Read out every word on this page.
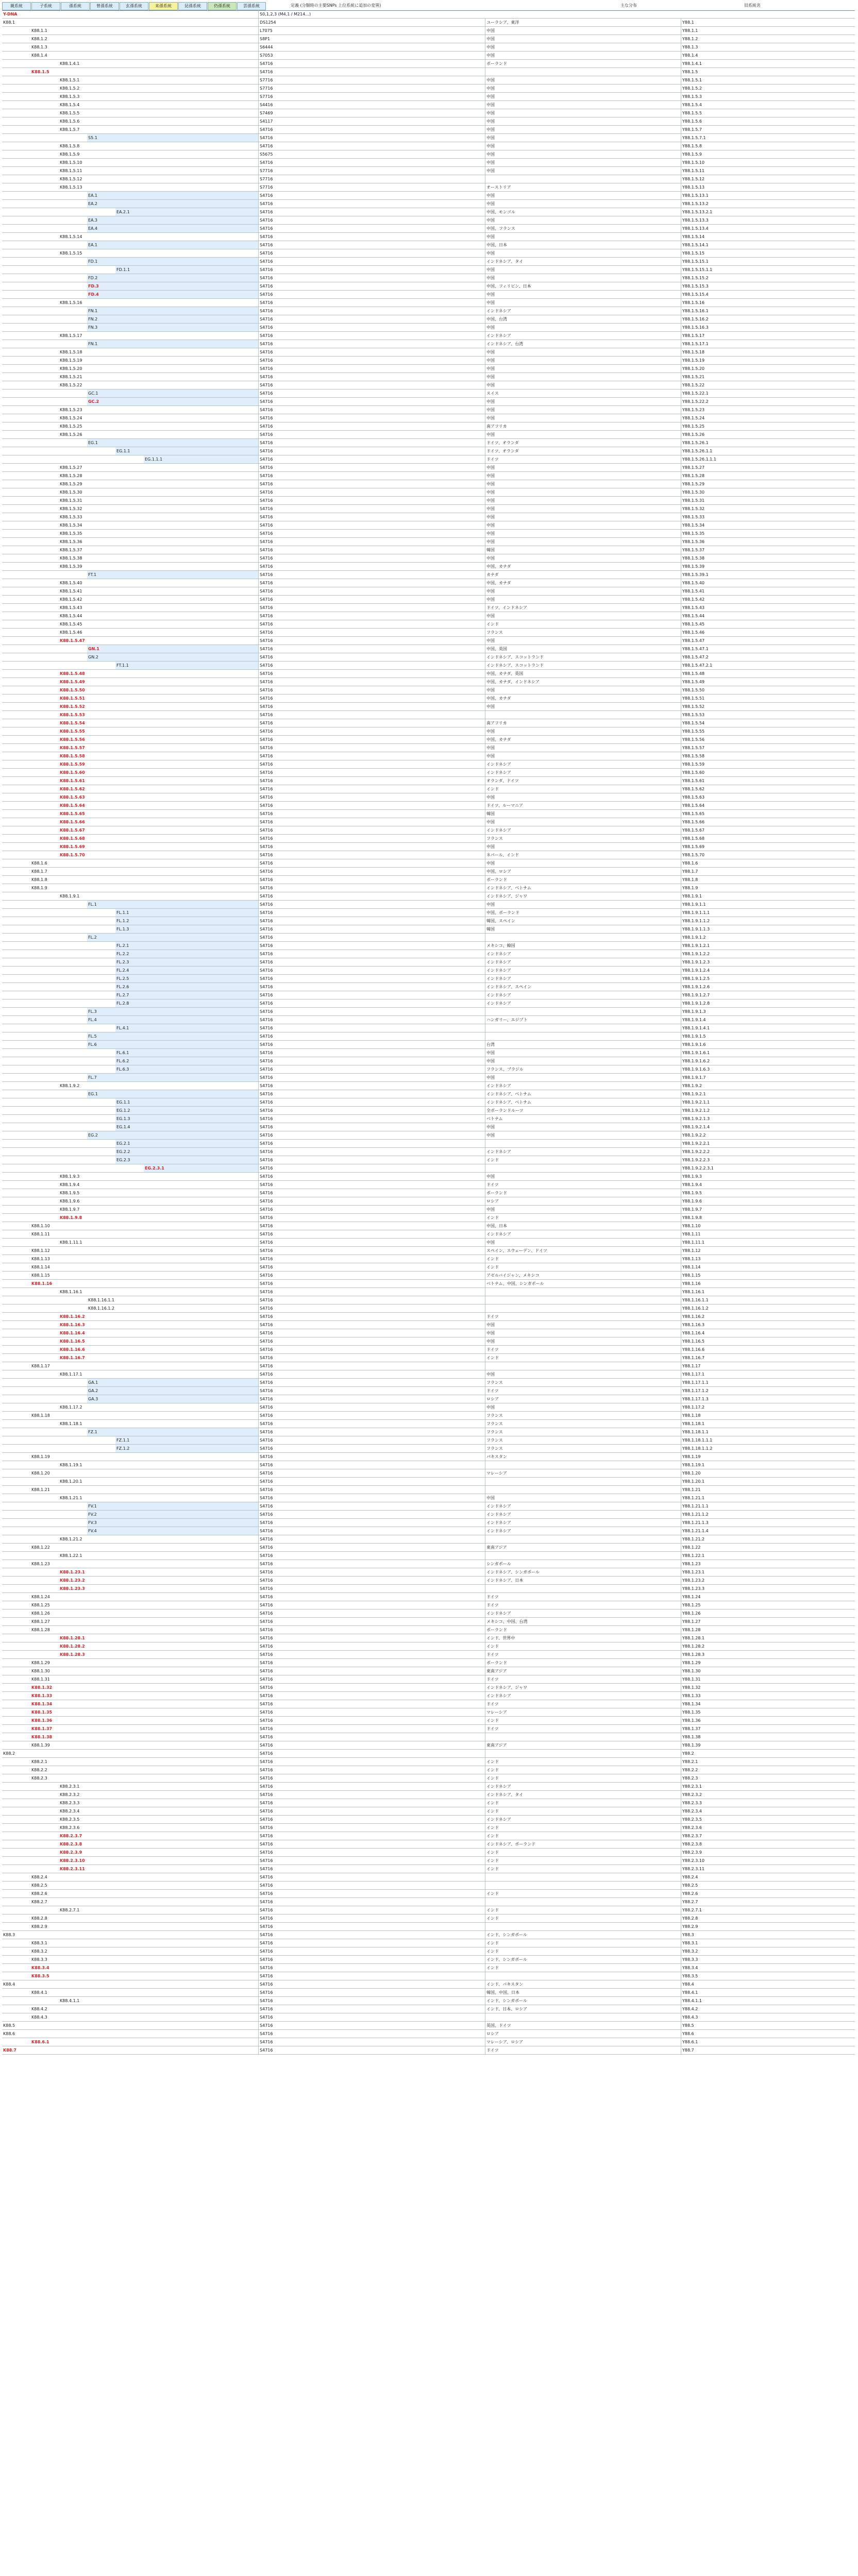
親系統	子系統	孫系統	曾孫系統	玄孫系統	来孫系統	昆孫系統	仍孫系統	雲孫系統	定義 (分類時の主要SNPs 上位系統に追加の変異)	主な分布	旧系統名
Y-DNA	S0,1,2,3 (M4,1 / M214...)
K88.1	DS1254	ユーラシア、東洋	Y88.1
K88.1.1	L7075	中国	Y88.1.1
K88.1.2	S8P1	中国	Y88.1.2
K88.1.3	S6444	中国	Y88.1.3
K88.1.4	S7053	中国	Y88.1.4
K88.1.4.1	S4716	ポーランド	Y88.1.4.1
K88.1.5	S4716	Y88.1.5
K88.1.5.1	S7716	中国	Y88.1.5.1
K88.1.5.2	S7716	中国	Y88.1.5.2
K88.1.5.3	S7716	中国	Y88.1.5.3
K88.1.5.4	S4416	中国	Y88.1.5.4
K88.1.5.5	S7469	中国	Y88.1.5.5
K88.1.5.6	S4117	中国	Y88.1.5.6
K88.1.5.7	S4716	中国	Y88.1.5.7
S5.1	S4716	中国	Y88.1.5.7.1
K88.1.5.8	S4716	中国	Y88.1.5.8
K88.1.5.9	S5675	中国	Y88.1.5.9
K88.1.5.10	S4716	中国	Y88.1.5.10
K88.1.5.11	S7716	中国	Y88.1.5.11
K88.1.5.12	S7716	Y88.1.5.12
K88.1.5.13	S7716	オーストリア	Y88.1.5.13
EA.1	S4716	中国	Y88.1.5.13.1
EA.2	S4716	中国	Y88.1.5.13.2
EA.2.1	S4716	中国、モンゴル	Y88.1.5.13.2.1
EA.3	S4716	中国	Y88.1.5.13.3
EA.4	S4716	中国、フランス	Y88.1.5.13.4
K88.1.5.14	S4716	中国	Y88.1.5.14
EA.1	S4716	中国、日本	Y88.1.5.14.1
K88.1.5.15	S4716	中国	Y88.1.5.15
FD.1	S4716	インドネシア、タイ	Y88.1.5.15.1
FD.1.1	S4716	中国	Y88.1.5.15.1.1
FD.2	S4716	中国	Y88.1.5.15.2
FD.3	S4716	中国、フィリピン、日本	Y88.1.5.15.3
FD.4	S4716	中国	Y88.1.5.15.4
K88.1.5.16	S4716	中国	Y88.1.5.16
FN.1	S4716	インドネシア	Y88.1.5.16.1
FN.2	S4716	中国、台湾	Y88.1.5.16.2
FN.3	S4716	中国	Y88.1.5.16.3
K88.1.5.17	S4716	インドネシア	Y88.1.5.17
FN.1	S4716	インドネシア、台湾	Y88.1.5.17.1
K88.1.5.18	S4716	中国	Y88.1.5.18
K88.1.5.19	S4716	中国	Y88.1.5.19
K88.1.5.20	S4716	中国	Y88.1.5.20
K88.1.5.21	S4716	中国	Y88.1.5.21
K88.1.5.22	S4716	中国	Y88.1.5.22
GC.1	S4716	スイス	Y88.1.5.22.1
GC.2	S4716	中国	Y88.1.5.22.2
K88.1.5.23	S4716	中国	Y88.1.5.23
K88.1.5.24	S4716	中国	Y88.1.5.24
K88.1.5.25	S4716	南アフリカ	Y88.1.5.25
K88.1.5.26	S4716	中国	Y88.1.5.26
EG.1	S4716	ドイツ、オランダ	Y88.1.5.26.1
EG.1.1	S4716	ドイツ、オランダ	Y88.1.5.26.1.1
EG.1.1.1	S4716	ドイツ	Y88.1.5.26.1.1.1
K88.1.5.27	S4716	中国	Y88.1.5.27
K88.1.5.28	S4716	中国	Y88.1.5.28
K88.1.5.29	S4716	中国	Y88.1.5.29
K88.1.5.30	S4716	中国	Y88.1.5.30
K88.1.5.31	S4716	中国	Y88.1.5.31
K88.1.5.32	S4716	中国	Y88.1.5.32
K88.1.5.33	S4716	中国	Y88.1.5.33
K88.1.5.34	S4716	中国	Y88.1.5.34
K88.1.5.35	S4716	中国	Y88.1.5.35
K88.1.5.36	S4716	中国	Y88.1.5.36
K88.1.5.37	S4716	韓国	Y88.1.5.37
K88.1.5.38	S4716	中国	Y88.1.5.38
K88.1.5.39	S4716	中国、カナダ	Y88.1.5.39
FT.1	S4716	カナダ	Y88.1.5.39.1
K88.1.5.40	S4716	中国、カナダ	Y88.1.5.40
K88.1.5.41	S4716	中国	Y88.1.5.41
K88.1.5.42	S4716	中国	Y88.1.5.42
K88.1.5.43	S4716	ドイツ、インドネシア	Y88.1.5.43
K88.1.5.44	S4716	中国	Y88.1.5.44
K88.1.5.45	S4716	インド	Y88.1.5.45
K88.1.5.46	S4716	フランス	Y88.1.5.46
K88.1.5.47	S4716	中国	Y88.1.5.47
GN.1	S4716	中国、英国	Y88.1.5.47.1
GN.2	S4716	インドネシア、スコットランド	Y88.1.5.47.2
FT.1.1	S4716	インドネシア、スコットランド	Y88.1.5.47.2.1
K88.1.5.48	S4716	中国、カナダ、英国	Y88.1.5.48
K88.1.5.49	S4716	中国、カナダ、インドネシア	Y88.1.5.49
K88.1.5.50	S4716	中国	Y88.1.5.50
K88.1.5.51	S4716	中国、カナダ	Y88.1.5.51
K88.1.5.52	S4716	中国	Y88.1.5.52
K88.1.5.53	S4716	Y88.1.5.53
K88.1.5.54	S4716	南アフリカ	Y88.1.5.54
K88.1.5.55	S4716	中国	Y88.1.5.55
K88.1.5.56	S4716	中国、カナダ	Y88.1.5.56
K88.1.5.57	S4716	中国	Y88.1.5.57
K88.1.5.58	S4716	中国	Y88.1.5.58
K88.1.5.59	S4716	インドネシア	Y88.1.5.59
K88.1.5.60	S4716	インドネシア	Y88.1.5.60
K88.1.5.61	S4716	オランダ、ドイツ	Y88.1.5.61
K88.1.5.62	S4716	インド	Y88.1.5.62
K88.1.5.63	S4716	中国	Y88.1.5.63
K88.1.5.64	S4716	ドイツ、ルーマニア	Y88.1.5.64
K88.1.5.65	S4716	韓国	Y88.1.5.65
K88.1.5.66	S4716	中国	Y88.1.5.66
K88.1.5.67	S4716	インドネシア	Y88.1.5.67
K88.1.5.68	S4716	フランス	Y88.1.5.68
K88.1.5.69	S4716	中国	Y88.1.5.69
K88.1.5.70	S4716	ネパール、インド	Y88.1.5.70
K88.1.6	S4716	中国	Y88.1.6
K88.1.7	S4716	中国、ロシア	Y88.1.7
K88.1.8	S4716	ポーランド	Y88.1.8
K88.1.9	S4716	インドネシア、ベトナム	Y88.1.9
K88.1.9.1	S4716	インドネシア、ジャワ	Y88.1.9.1
FL.1	S4716	中国	Y88.1.9.1.1
FL.1.1	S4716	中国、ポーランド	Y88.1.9.1.1.1
FL.1.2	S4716	韓国、スペイン	Y88.1.9.1.1.2
FL.1.3	S4716	韓国	Y88.1.9.1.1.3
FL.2	S4716	Y88.1.9.1.2
FL.2.1	S4716	メキシコ、韓国	Y88.1.9.1.2.1
FL.2.2	S4716	インドネシア	Y88.1.9.1.2.2
FL.2.3	S4716	インドネシア	Y88.1.9.1.2.3
FL.2.4	S4716	インドネシア	Y88.1.9.1.2.4
FL.2.5	S4716	インドネシア	Y88.1.9.1.2.5
FL.2.6	S4716	インドネシア、スペイン	Y88.1.9.1.2.6
FL.2.7	S4716	インドネシア	Y88.1.9.1.2.7
FL.2.8	S4716	インドネシア	Y88.1.9.1.2.8
FL.3	S4716	Y88.1.9.1.3
FL.4	S4716	ハンガリー、エジプト	Y88.1.9.1.4
FL.4.1	S4716	Y88.1.9.1.4.1
FL.5	S4716	Y88.1.9.1.5
FL.6	S4716	台湾	Y88.1.9.1.6
FL.6.1	S4716	中国	Y88.1.9.1.6.1
FL.6.2	S4716	中国	Y88.1.9.1.6.2
FL.6.3	S4716	フランス、ブラジル	Y88.1.9.1.6.3
FL.7	S4716	中国	Y88.1.9.1.7
K88.1.9.2	S4716	インドネシア	Y88.1.9.2
EG.1	S4716	インドネシア、ベトナム	Y88.1.9.2.1
EG.1.1	S4716	インドネシア、ベトナム	Y88.1.9.2.1.1
EG.1.2	S4716	全ポーランドルーツ	Y88.1.9.2.1.2
EG.1.3	S4716	ベトナム	Y88.1.9.2.1.3
EG.1.4	S4716	中国	Y88.1.9.2.1.4
EG.2	S4716	中国	Y88.1.9.2.2
EG.2.1	S4716	Y88.1.9.2.2.1
EG.2.2	S4716	インドネシア	Y88.1.9.2.2.2
EG.2.3	S4716	インド	Y88.1.9.2.2.3
EG.2.3.1	S4716	Y88.1.9.2.2.3.1
K88.1.9.3	S4716	中国	Y88.1.9.3
K88.1.9.4	S4716	ドイツ	Y88.1.9.4
K88.1.9.5	S4716	ポーランド	Y88.1.9.5
K88.1.9.6	S4716	ロシア	Y88.1.9.6
K88.1.9.7	S4716	中国	Y88.1.9.7
K88.1.9.8	S4716	インド	Y88.1.9.8
K88.1.10	S4716	中国、日本	Y88.1.10
K88.1.11	S4716	インドネシア	Y88.1.11
K88.1.11.1	S4716	中国	Y88.1.11.1
K88.1.12	S4716	スペイン、スウェーデン、ドイツ	Y88.1.12
K88.1.13	S4716	インド	Y88.1.13
K88.1.14	S4716	インド	Y88.1.14
K88.1.15	S4716	アゼルバイジャン、メキシコ	Y88.1.15
K88.1.16	S4716	ベトナム、中国、シンガポール	Y88.1.16
K88.1.16.1	S4716	Y88.1.16.1
K88.1.16.1.1	S4716	Y88.1.16.1.1
K88.1.16.1.2	S4716	Y88.1.16.1.2
K88.1.16.2	S4716	ドイツ	Y88.1.16.2
K88.1.16.3	S4716	中国	Y88.1.16.3
K88.1.16.4	S4716	中国	Y88.1.16.4
K88.1.16.5	S4716	中国	Y88.1.16.5
K88.1.16.6	S4716	ドイツ	Y88.1.16.6
K88.1.16.7	S4716	インド	Y88.1.16.7
K88.1.17	S4716	Y88.1.17
K88.1.17.1	S4716	中国	Y88.1.17.1
GA.1	S4716	フランス	Y88.1.17.1.1
GA.2	S4716	ドイツ	Y88.1.17.1.2
GA.3	S4716	ロシア	Y88.1.17.1.3
K88.1.17.2	S4716	中国	Y88.1.17.2
K88.1.18	S4716	フランス	Y88.1.18
K88.1.18.1	S4716	フランス	Y88.1.18.1
FZ.1	S4716	フランス	Y88.1.18.1.1
FZ.1.1	S4716	フランス	Y88.1.18.1.1.1
FZ.1.2	S4716	フランス	Y88.1.18.1.1.2
K88.1.19	S4716	パキスタン	Y88.1.19
K88.1.19.1	S4716	Y88.1.19.1
K88.1.20	S4716	マレーシア	Y88.1.20
K88.1.20.1	S4716	Y88.1.20.1
K88.1.21	S4716	Y88.1.21
K88.1.21.1	S4716	中国	Y88.1.21.1
FV.1	S4716	インドネシア	Y88.1.21.1.1
FV.2	S4716	インドネシア	Y88.1.21.1.2
FV.3	S4716	インドネシア	Y88.1.21.1.3
FV.4	S4716	インドネシア	Y88.1.21.1.4
K88.1.21.2	S4716	Y88.1.21.2
K88.1.22	S4716	東南アジア	Y88.1.22
K88.1.22.1	S4716	Y88.1.22.1
K88.1.23	S4716	シンガポール	Y88.1.23
K88.1.23.1	S4716	インドネシア、シンガポール	Y88.1.23.1
K88.1.23.2	S4716	インドネシア、日本	Y88.1.23.2
K88.1.23.3	S4716	Y88.1.23.3
K88.1.24	S4716	ドイツ	Y88.1.24
K88.1.25	S4716	ドイツ	Y88.1.25
K88.1.26	S4716	インドネシア	Y88.1.26
K88.1.27	S4716	メキシコ、中国、台湾	Y88.1.27
K88.1.28	S4716	ポーランド	Y88.1.28
K88.1.28.1	S4716	インド、世界中	Y88.1.28.1
K88.1.28.2	S4716	インド	Y88.1.28.2
K88.1.28.3	S4716	ドイツ	Y88.1.28.3
K88.1.29	S4716	ポーランド	Y88.1.29
K88.1.30	S4716	東南アジア	Y88.1.30
K88.1.31	S4716	ドイツ	Y88.1.31
K88.1.32	S4716	インドネシア、ジャワ	Y88.1.32
K88.1.33	S4716	インドネシア	Y88.1.33
K88.1.34	S4716	ドイツ	Y88.1.34
K88.1.35	S4716	マレーシア	Y88.1.35
K88.1.36	S4716	インド	Y88.1.36
K88.1.37	S4716	ドイツ	Y88.1.37
K88.1.38	S4716	Y88.1.38
K88.1.39	S4716	東南アジア	Y88.1.39
K88.2	S4716	Y88.2
K88.2.1	S4716	インド	Y88.2.1
K88.2.2	S4716	インド	Y88.2.2
K88.2.3	S4716	インド	Y88.2.3
K88.2.3.1	S4716	インドネシア	Y88.2.3.1
K88.2.3.2	S4716	インドネシア、タイ	Y88.2.3.2
K88.2.3.3	S4716	インド	Y88.2.3.3
K88.2.3.4	S4716	インド	Y88.2.3.4
K88.2.3.5	S4716	インドネシア	Y88.2.3.5
K88.2.3.6	S4716	インド	Y88.2.3.6
K88.2.3.7	S4716	インド	Y88.2.3.7
K88.2.3.8	S4716	インドネシア、ポーランド	Y88.2.3.8
K88.2.3.9	S4716	インド	Y88.2.3.9
K88.2.3.10	S4716	インド	Y88.2.3.10
K88.2.3.11	S4716	インド	Y88.2.3.11
K88.2.4	S4716	Y88.2.4
K88.2.5	S4716	Y88.2.5
K88.2.6	S4716	インド	Y88.2.6
K88.2.7	S4716	Y88.2.7
K88.2.7.1	S4716	インド	Y88.2.7.1
K88.2.8	S4716	インド	Y88.2.8
K88.2.9	S4716	Y88.2.9
K88.3	S4716	インド、シンガポール	Y88.3
K88.3.1	S4716	インド	Y88.3.1
K88.3.2	S4716	インド	Y88.3.2
K88.3.3	S4716	インド、シンガポール	Y88.3.3
K88.3.4	S4716	インド	Y88.3.4
K88.3.5	S4716	Y88.3.5
K88.4	S4716	インド、パキスタン	Y88.4
K88.4.1	S4716	韓国、中国、日本	Y88.4.1
K88.4.1.1	S4716	インド、シンガポール	Y88.4.1.1
K88.4.2	S4716	インド、日本、ロシア	Y88.4.2
K88.4.3	S4716	Y88.4.3
K88.5	S4716	英国、ドイツ	Y88.5
K88.6	S4716	ロシア	Y88.6
K88.6.1	S4716	マレーシア、ロシア	Y88.6.1
K88.7	S4716	ドイツ	Y88.7
